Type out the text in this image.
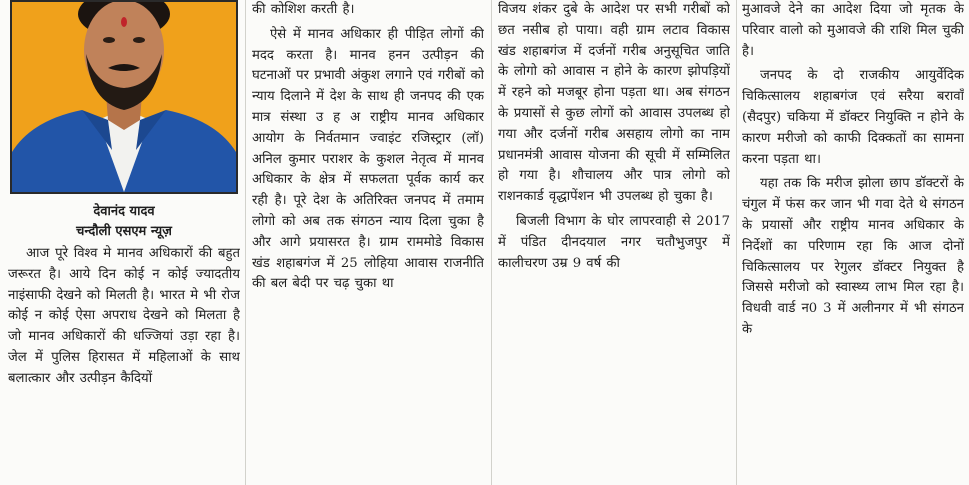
देवानंद यादव
चन्दौली एसएम न्यूज़

आज पूरे विश्व मे मानव अधिकारों की बहुत जरूरत है। आये दिन कोई न कोई ज्यादतीय नाइंसाफी देखने को मिलती है। भारत मे भी रोज कोई न कोई ऐसा अपराध देखने को मिलता है जो मानव अधिकारों की धज्जियां उड़ा रहा है। जेल में पुलिस हिरासत में महिलाओं के साथ बलात्कार और उत्पीड़न कैदियों

की कोशिश करती है।

ऐसे में मानव अधिकार ही पीड़ित लोगों की मदद करता है। मानव हनन उत्पीड़न की घटनाओं पर प्रभावी अंकुश लगाने एवं गरीबों को न्याय दिलाने में देश के साथ ही जनपद की एक मात्र संस्था उ ह अ राष्ट्रीय मानव अधिकार आयोग के निर्वतमान ज्वाइंट रजिस्ट्रार (लॉ) अनिल कुमार पराशर के कुशल नेतृत्व में मानव अधिकार के क्षेत्र में सफलता पूर्वक कार्य कर रही है। पूरे देश के अतिरिक्त जनपद में तमाम लोगो को अब तक संगठन न्याय दिला चुका है और आगे प्रयासरत है। ग्राम राममोडे विकास खंड शहाबगंज में 25 लोहिया आवास राजनीति की बल बेदी पर चढ़ चुका था

विजय शंकर दुबे के आदेश पर सभी गरीबों को छत नसीब हो पाया। वही ग्राम लटाव विकास खंड शहाबगंज में दर्जनों गरीब अनुसूचित जाति के लोगो को आवास न होने के कारण झोपड़ियों में रहने को मजबूर होना पड़ता था। अब संगठन के प्रयासों से कुछ लोगों को आवास उपलब्ध हो गया और दर्जनों गरीब असहाय लोगो का नाम प्रधानमंत्री आवास योजना की सूची में सम्मिलित हो गया है। शौचालय और पात्र लोगो को राशनकार्ड वृद्धापेंशन भी उपलब्ध हो चुका है।

बिजली विभाग के घोर लापरवाही से 2017 में पंडित दीनदयाल नगर चतौभुजपुर में कालीचरण उम्र 9 वर्ष की

मुआवजे देने का आदेश दिया जो मृतक के परिवार वालो को मुआवजे की राशि मिल चुकी है।

जनपद के दो राजकीय आयुर्वेदिक चिकित्सालय शहाबगंज एवं सरैया बरावाँ (सैदपुर) चकिया में डॉक्टर नियुक्ति न होने के कारण मरीजो को काफी दिक्कतों का सामना करना पड़ता था।

यहा तक कि मरीज झोला छाप डॉक्टरों के चंगुल में फंस कर जान भी गवा देते थे संगठन के प्रयासों और राष्ट्रीय मानव अधिकार के निर्देशों का परिणाम रहा कि आज दोनों चिकित्सालय पर रेगुलर डॉक्टर नियुक्त है जिससे मरीजो को स्वास्थ्य लाभ मिल रहा है। विधवी वार्ड न0 3 में अलीनगर में भी संगठन के
